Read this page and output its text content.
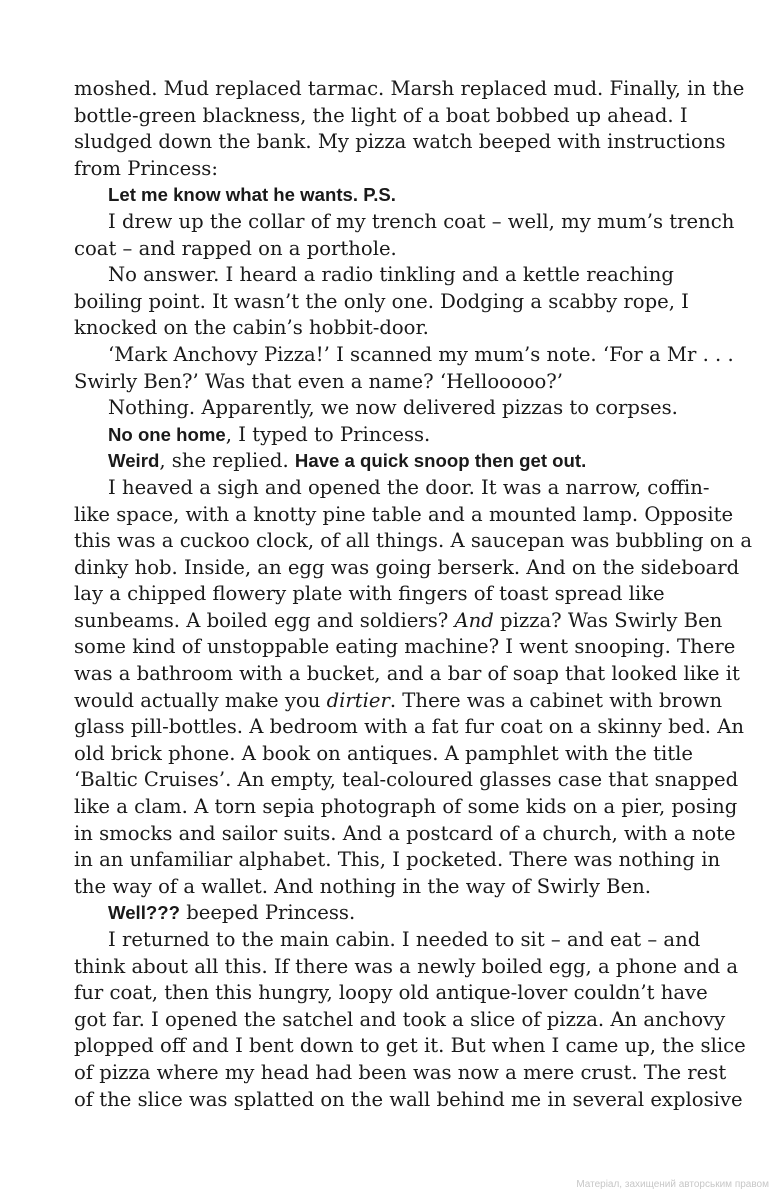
moshed. Mud replaced tarmac. Marsh replaced mud. Finally, in the
bottle-green blackness, the light of a boat bobbed up ahead. I
sludged down the bank. My pizza watch beeped with instructions
from Princess:
Let me know what he wants. P.S.
I drew up the collar of my trench coat – well, my mum’s trench
coat – and rapped on a porthole.
No answer. I heard a radio tinkling and a kettle reaching
boiling point. It wasn’t the only one. Dodging a scabby rope, I
knocked on the cabin’s hobbit-door.
‘Mark Anchovy Pizza!’ I scanned my mum’s note. ‘For a Mr . . .
Swirly Ben?’ Was that even a name? ‘Hellooooo?’
Nothing. Apparently, we now delivered pizzas to corpses.
No one home, I typed to Princess.
Weird, she replied. Have a quick snoop then get out.
I heaved a sigh and opened the door. It was a narrow, coffin-
like space, with a knotty pine table and a mounted lamp. Opposite
this was a cuckoo clock, of all things. A saucepan was bubbling on a
dinky hob. Inside, an egg was going berserk. And on the sideboard
lay a chipped flowery plate with fingers of toast spread like
sunbeams. A boiled egg and soldiers? And pizza? Was Swirly Ben
some kind of unstoppable eating machine? I went snooping. There
was a bathroom with a bucket, and a bar of soap that looked like it
would actually make you dirtier. There was a cabinet with brown
glass pill-bottles. A bedroom with a fat fur coat on a skinny bed. An
old brick phone. A book on antiques. A pamphlet with the title
‘Baltic Cruises’. An empty, teal-coloured glasses case that snapped
like a clam. A torn sepia photograph of some kids on a pier, posing
in smocks and sailor suits. And a postcard of a church, with a note
in an unfamiliar alphabet. This, I pocketed. There was nothing in
the way of a wallet. And nothing in the way of Swirly Ben.
Well??? beeped Princess.
I returned to the main cabin. I needed to sit – and eat – and
think about all this. If there was a newly boiled egg, a phone and a
fur coat, then this hungry, loopy old antique-lover couldn’t have
got far. I opened the satchel and took a slice of pizza. An anchovy
plopped off and I bent down to get it. But when I came up, the slice
of pizza where my head had been was now a mere crust. The rest
of the slice was splatted on the wall behind me in several explosive
Матеріал, захищений авторським правом
